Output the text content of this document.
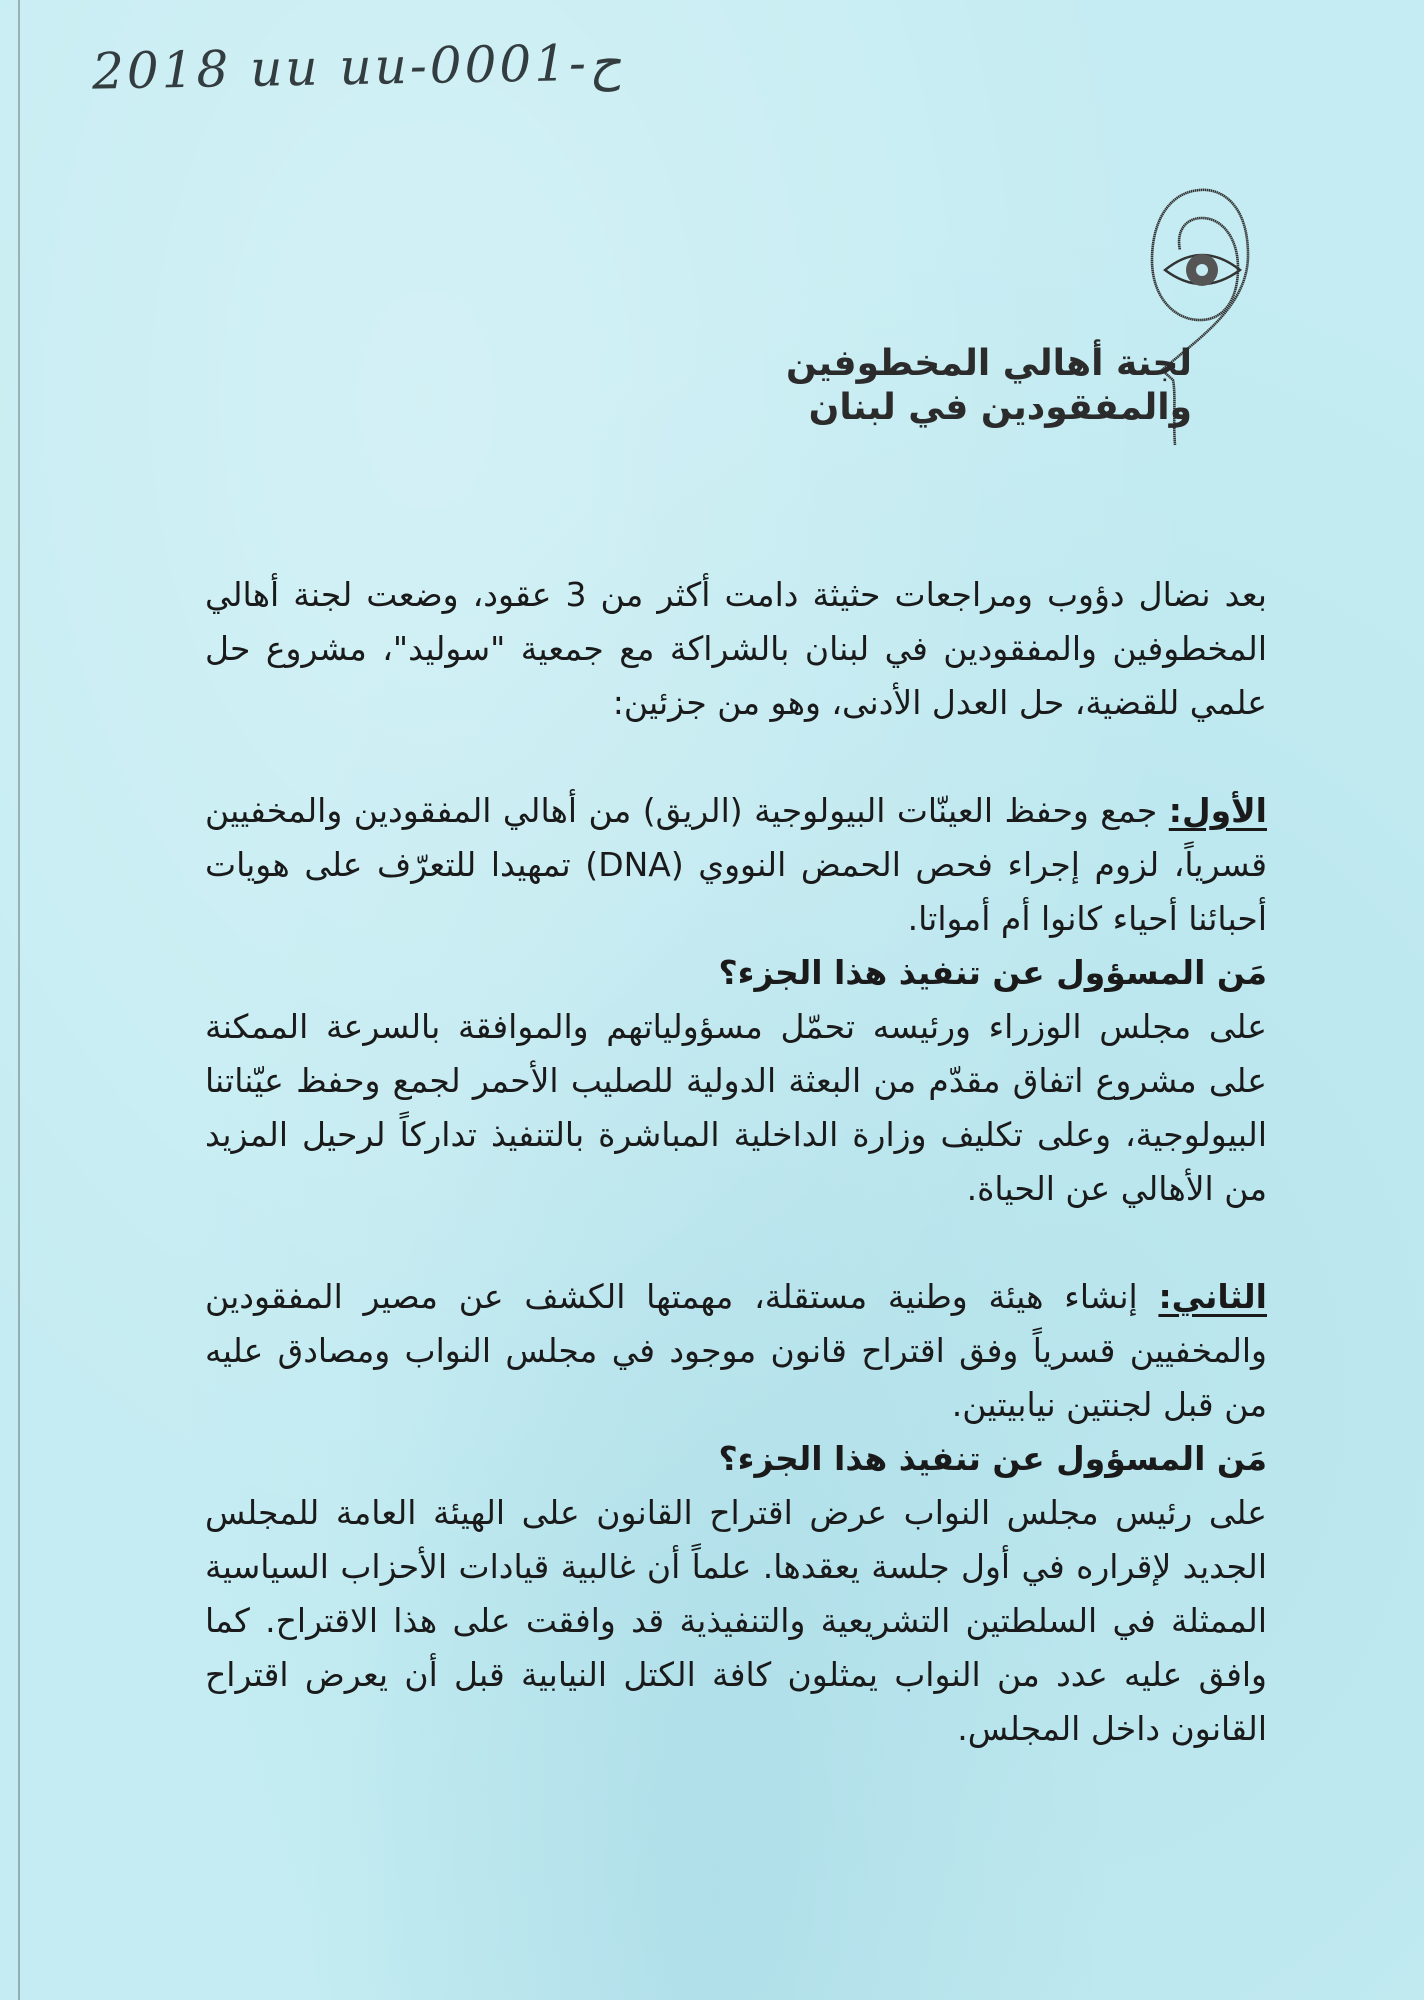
2018 uu uu-0001-ح
لجنة أهالي المخطوفين
والمفقودين في لبنان

بعد نضال دؤوب ومراجعات حثيثة دامت أكثر من 3 عقود، وضعت لجنة أهالي المخطوفين والمفقودين في لبنان بالشراكة مع جمعية "سوليد"، مشروع حل علمي للقضية، حل العدل الأدنى، وهو من جزئين:

الأول: جمع وحفظ العينّات البيولوجية (الريق) من أهالي المفقودين والمخفيين قسرياً، لزوم إجراء فحص الحمض النووي (DNA) تمهيدا للتعرّف على هويات أحبائنا أحياء كانوا أم أمواتا.

مَن المسؤول عن تنفيذ هذا الجزء؟

على مجلس الوزراء ورئيسه تحمّل مسؤولياتهم والموافقة بالسرعة الممكنة على مشروع اتفاق مقدّم من البعثة الدولية للصليب الأحمر لجمع وحفظ عيّناتنا البيولوجية، وعلى تكليف وزارة الداخلية المباشرة بالتنفيذ تداركاً لرحيل المزيد من الأهالي عن الحياة.

الثاني: إنشاء هيئة وطنية مستقلة، مهمتها الكشف عن مصير المفقودين والمخفيين قسرياً وفق اقتراح قانون موجود في مجلس النواب ومصادق عليه من قبل لجنتين نيابيتين.

مَن المسؤول عن تنفيذ هذا الجزء؟

على رئيس مجلس النواب عرض اقتراح القانون على الهيئة العامة للمجلس الجديد لإقراره في أول جلسة يعقدها. علماً أن غالبية قيادات الأحزاب السياسية الممثلة في السلطتين التشريعية والتنفيذية قد وافقت على هذا الاقتراح. كما وافق عليه عدد من النواب يمثلون كافة الكتل النيابية قبل أن يعرض اقتراح القانون داخل المجلس.
